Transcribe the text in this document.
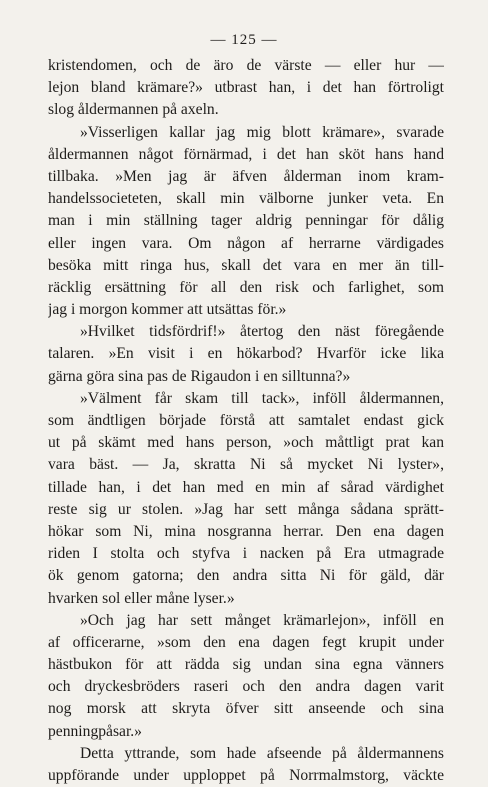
— 125 —
kristendomen, och de äro de värste — eller hur —
lejon bland krämare?» utbrast han, i det han förtroligt
slog åldermannen på axeln.
»Visserligen kallar jag mig blott krämare», svarade
åldermannen något förnärmad, i det han sköt hans hand
tillbaka. »Men jag är äfven ålderman inom kram-
handelssocieteten, skall min välborne junker veta. En
man i min ställning tager aldrig penningar för dålig
eller ingen vara. Om någon af herrarne värdigades
besöka mitt ringa hus, skall det vara en mer än till-
räcklig ersättning för all den risk och farlighet, som
jag i morgon kommer att utsättas för.»
»Hvilket tidsfördrif!» återtog den näst föregående
talaren. »En visit i en hökarbod? Hvarför icke lika
gärna göra sina pas de Rigaudon i en silltunna?»
»Välment får skam till tack», inföll åldermannen,
som ändtligen började förstå att samtalet endast gick
ut på skämt med hans person, »och måttligt prat kan
vara bäst. — Ja, skratta Ni så mycket Ni lyster»,
tillade han, i det han med en min af sårad värdighet
reste sig ur stolen. »Jag har sett många sådana sprätt-
hökar som Ni, mina nosgranna herrar. Den ena dagen
riden I stolta och styfva i nacken på Era utmagrade
ök genom gatorna; den andra sitta Ni för gäld, där
hvarken sol eller måne lyser.»
»Och jag har sett månget krämarlejon», inföll en
af officerarne, »som den ena dagen fegt krupit under
hästbukon för att rädda sig undan sina egna vänners
och dryckesbröders raseri och den andra dagen varit
nog morsk att skryta öfver sitt anseende och sina
penningpåsar.»
Detta yttrande, som hade afseende på åldermannens
uppförande under upploppet på Norrmalmstorg, väckte
